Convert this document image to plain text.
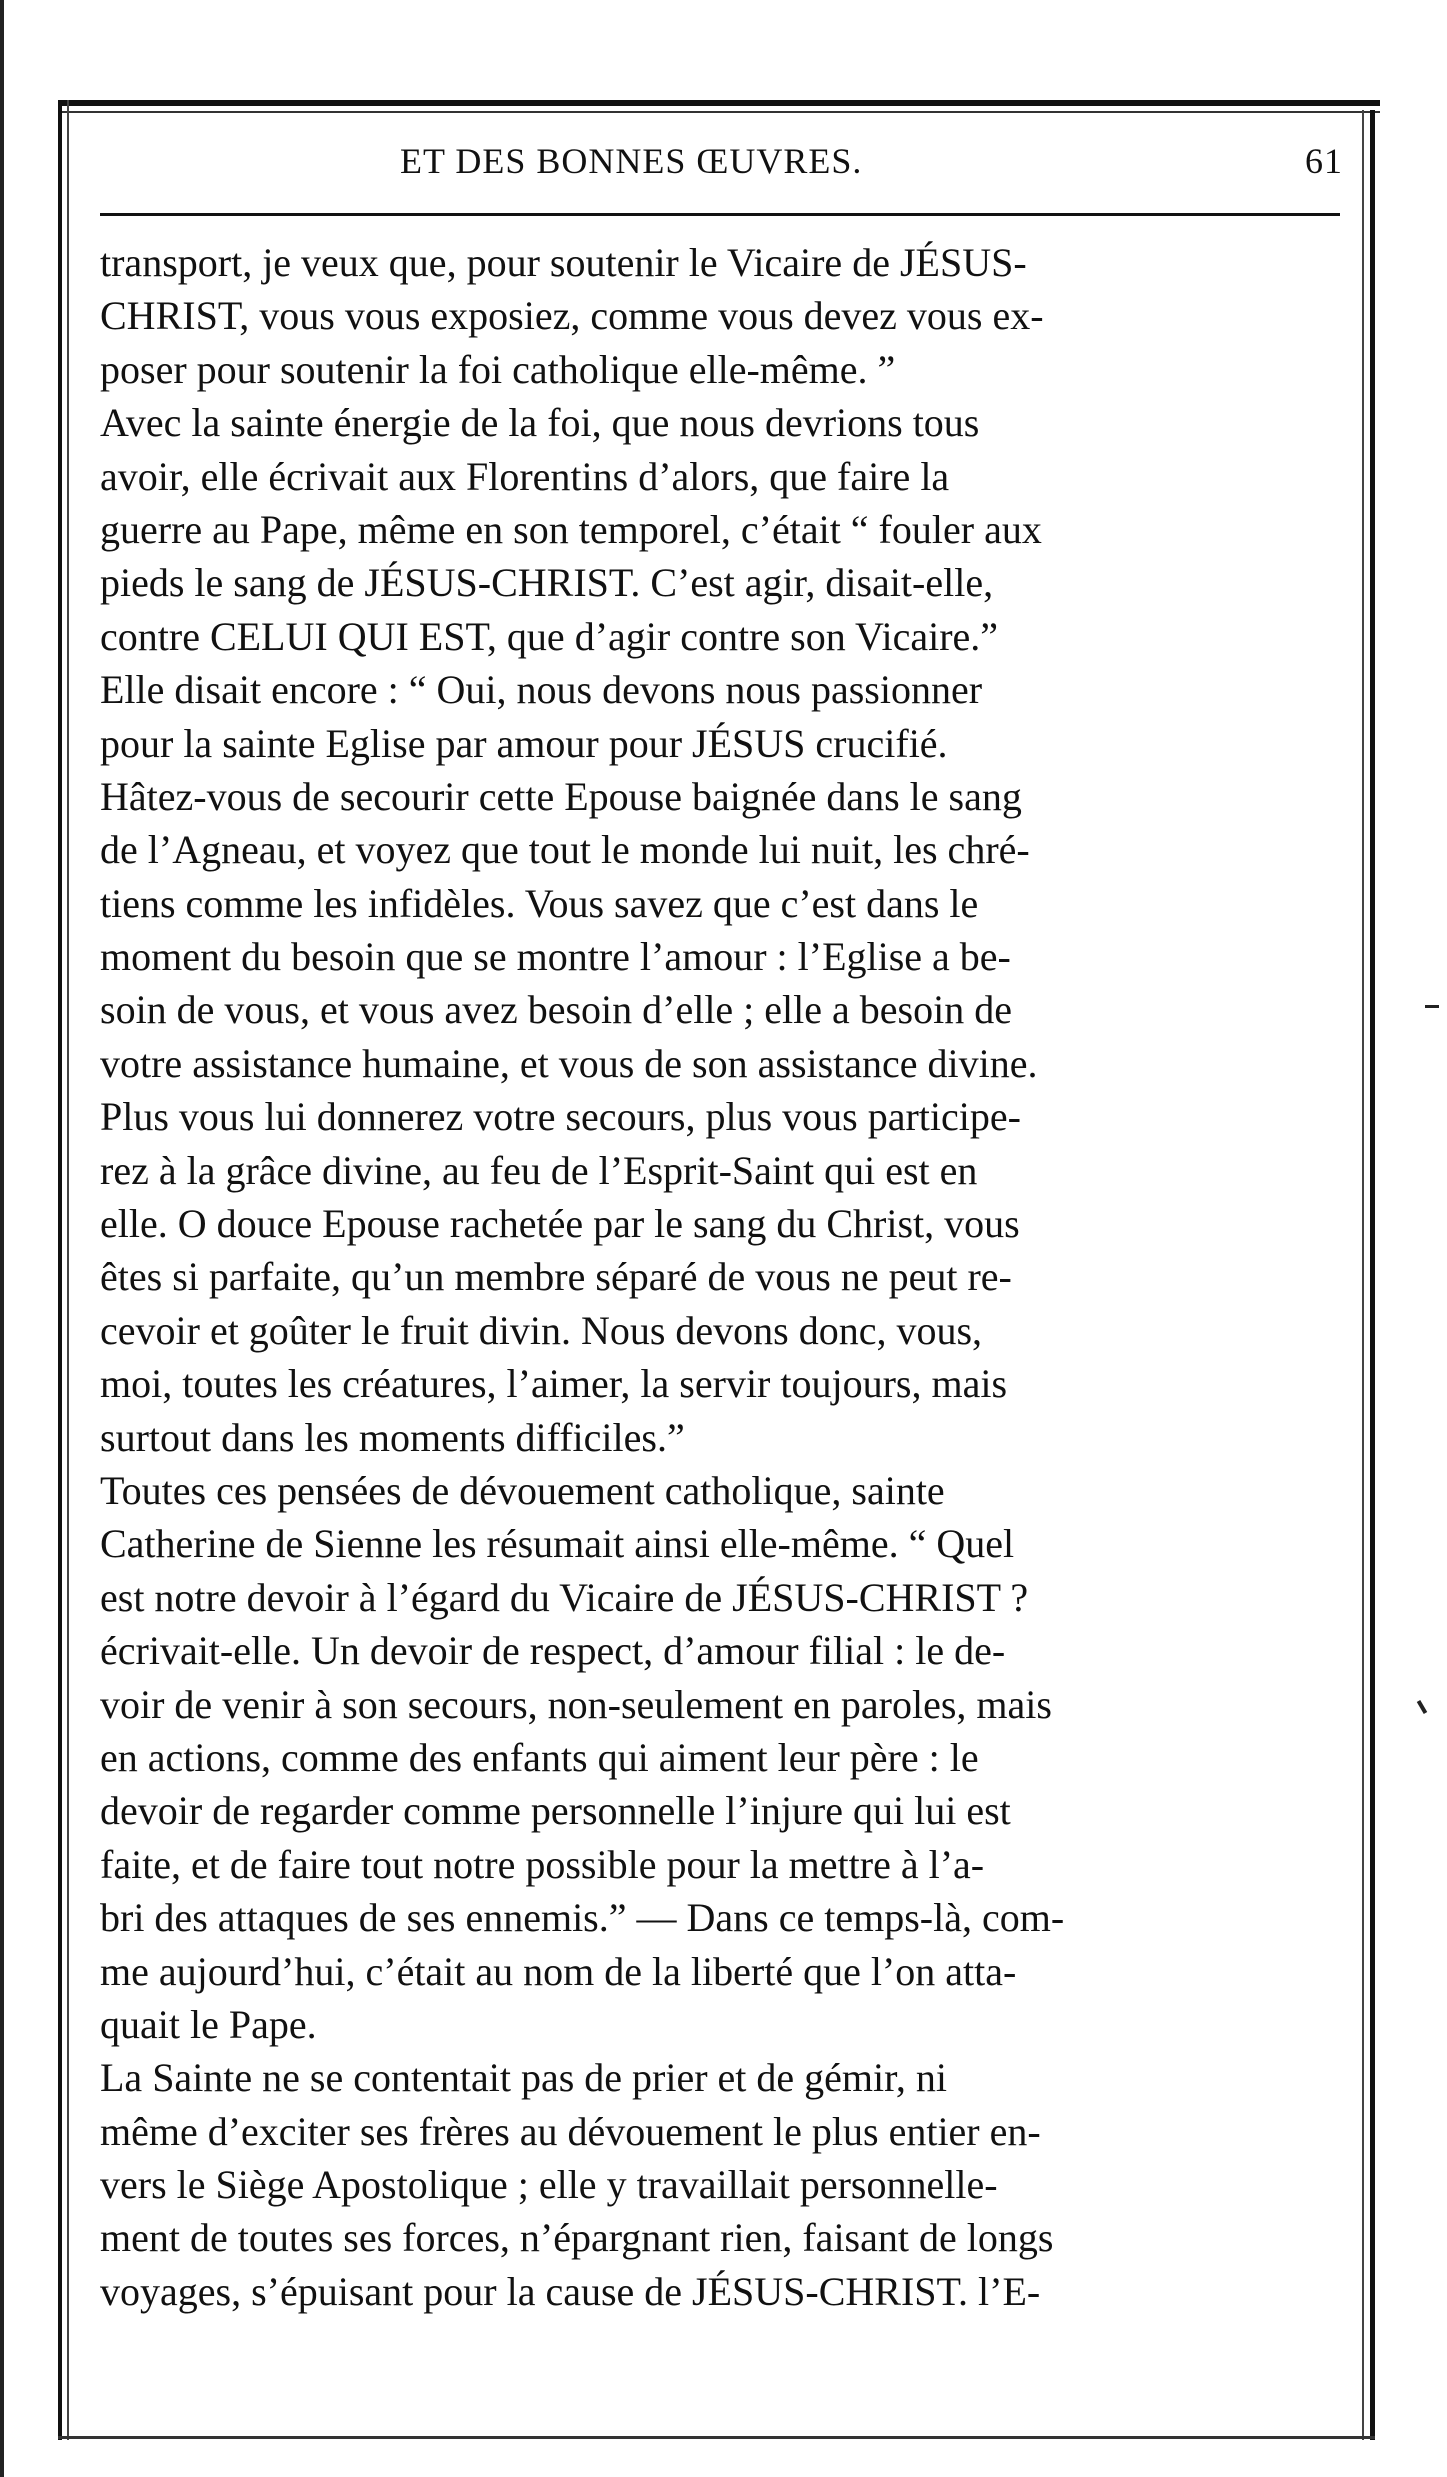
ET DES BONNES ŒUVRES.	61
transport, je veux que, pour soutenir le Vicaire de JÉSUS-
CHRIST, vous vous exposiez, comme vous devez vous ex-
poser pour soutenir la foi catholique elle-même. ”
Avec la sainte énergie de la foi, que nous devrions tous
avoir, elle écrivait aux Florentins d’alors, que faire la
guerre au Pape, même en son temporel, c’était “ fouler aux
pieds le sang de JÉSUS-CHRIST. C’est agir, disait-elle,
contre CELUI QUI EST, que d’agir contre son Vicaire.”
Elle disait encore : “ Oui, nous devons nous passionner
pour la sainte Eglise par amour pour JÉSUS crucifié.
Hâtez-vous de secourir cette Epouse baignée dans le sang
de l’Agneau, et voyez que tout le monde lui nuit, les chré-
tiens comme les infidèles. Vous savez que c’est dans le
moment du besoin que se montre l’amour : l’Eglise a be-
soin de vous, et vous avez besoin d’elle ; elle a besoin de
votre assistance humaine, et vous de son assistance divine.
Plus vous lui donnerez votre secours, plus vous participe-
rez à la grâce divine, au feu de l’Esprit-Saint qui est en
elle. O douce Epouse rachetée par le sang du Christ, vous
êtes si parfaite, qu’un membre séparé de vous ne peut re-
cevoir et goûter le fruit divin. Nous devons donc, vous,
moi, toutes les créatures, l’aimer, la servir toujours, mais
surtout dans les moments difficiles.”
Toutes ces pensées de dévouement catholique, sainte
Catherine de Sienne les résumait ainsi elle-même. “ Quel
est notre devoir à l’égard du Vicaire de JÉSUS-CHRIST ?
écrivait-elle. Un devoir de respect, d’amour filial : le de-
voir de venir à son secours, non-seulement en paroles, mais
en actions, comme des enfants qui aiment leur père : le
devoir de regarder comme personnelle l’injure qui lui est
faite, et de faire tout notre possible pour la mettre à l’a-
bri des attaques de ses ennemis.” — Dans ce temps-là, com-
me aujourd’hui, c’était au nom de la liberté que l’on atta-
quait le Pape.
La Sainte ne se contentait pas de prier et de gémir, ni
même d’exciter ses frères au dévouement le plus entier en-
vers le Siège Apostolique ; elle y travaillait personnelle-
ment de toutes ses forces, n’épargnant rien, faisant de longs
voyages, s’épuisant pour la cause de JÉSUS-CHRIST. l’E-
